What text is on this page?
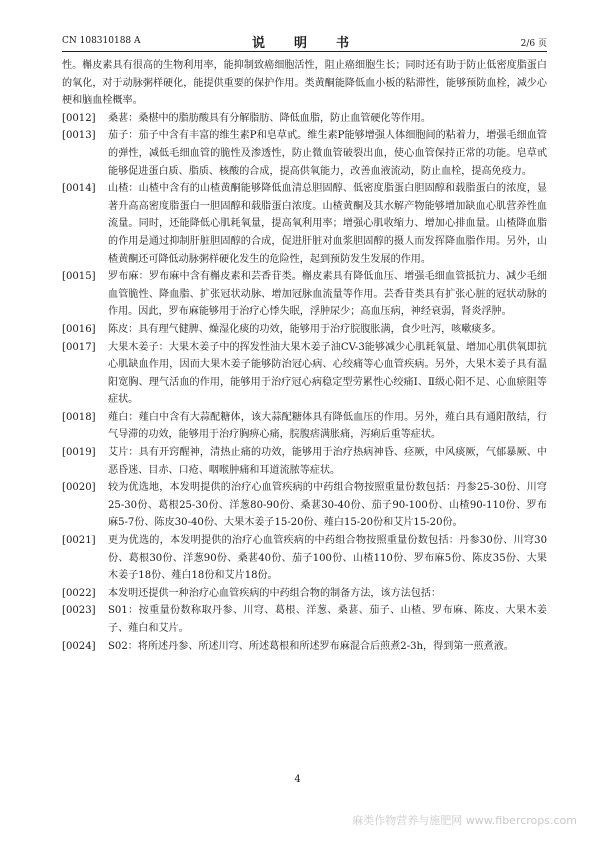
CN 108310188 A	说　明　书	2/6 页

性。槲皮素具有很高的生物利用率，能抑制致癌细胞活性，阻止癌细胞生长；同时还有助于防止低密度脂蛋白的氧化，对于动脉粥样硬化，能提供重要的保护作用。类黄酮能降低血小板的粘滞性，能够预防血栓，减少心梗和脑血栓概率。

[0012]	桑葚：桑椹中的脂肪酸具有分解脂肪、降低血脂，防止血管硬化等作用。
[0013]	茄子：茄子中含有丰富的维生素P和皂草甙。维生素P能够增强人体细胞间的粘着力，增强毛细血管的弹性，减低毛细血管的脆性及渗透性，防止微血管破裂出血，使心血管保持正常的功能。皂草甙能够促进蛋白质、脂质、核酸的合成，提高供氧能力，改善血液流动，防止血栓，提高免疫力。
[0014]	山楂：山楂中含有的山楂黄酮能够降低血清总胆固醇、低密度脂蛋白胆固醇和载脂蛋白的浓度，显著升高高密度脂蛋白一胆固醇和载脂蛋白浓度。山楂黄酮及其水解产物能够增加缺血心肌营养性血流量。同时，还能降低心肌耗氧量，提高氧利用率；增强心肌收缩力、增加心排血量。山楂降血脂的作用是通过抑制肝脏胆固醇的合成，促进肝脏对血浆胆固醇的摄人而发挥降血脂作用。另外，山楂黄酮还可降低动脉粥样硬化发生的危险性，起到预防发生发展的作用。
[0015]	罗布麻：罗布麻中含有槲皮素和芸香苷类。槲皮素具有降低血压、增强毛细血管抵抗力、减少毛细血管脆性、降血脂、扩张冠状动脉、增加冠脉血流量等作用。芸香苷类具有扩张心脏的冠状动脉的作用。因此，罗布麻能够用于治疗心悸失眠，浮肿尿少；高血压病，神经衰弱，肾炎浮肿。
[0016]	陈皮：具有理气健脾、燥湿化痰的功效，能够用于治疗脘腹胀满，食少吐泻，咳嗽痰多。
[0017]	大果木姜子：大果木姜子中的挥发性油大果木姜子油CV-3能够减少心肌耗氧量、增加心肌供氧即抗心肌缺血作用，因而大果木姜子能够防治冠心病、心绞痛等心血管疾病。另外，大果木姜子具有温阳宽胸、理气活血的作用，能够用于治疗冠心病稳定型劳累性心绞痛Ⅰ、Ⅱ级心阳不足、心血瘀阻等症状。
[0018]	薤白：薤白中含有大蒜配糖体，该大蒜配糖体具有降低血压的作用。另外，薤白具有通阳散结，行气导滞的功效，能够用于治疗胸痹心痛，脘腹痞满胀痛，泻痢后重等症状。
[0019]	艾片：具有开窍醒神，清热止痛的功效，能够用于治疗热病神昏、痉厥，中风痰厥，气郁暴厥、中恶昏迷、目赤、口疮、咽喉肿痛和耳道流脓等症状。
[0020]	较为优选地，本发明提供的治疗心血管疾病的中药组合物按照重量份数包括：丹参25-30份、川穹25-30份、葛根25-30份、洋葱80-90份、桑葚30-40份、茄子90-100份、山楂90-110份、罗布麻5-7份、陈皮30-40份、大果木姜子15-20份、薤白15-20份和艾片15-20份。
[0021]	更为优选的，本发明提供的治疗心血管疾病的中药组合物按照重量份数包括：丹参30份、川穹30份、葛根30份、洋葱90份、桑葚40份、茄子100份、山楂110份、罗布麻5份、陈皮35份、大果木姜子18份、薤白18份和艾片18份。
[0022]	本发明还提供一种治疗心血管疾病的中药组合物的制备方法，该方法包括：
[0023]	S01：按重量份数称取丹参、川穹、葛根、洋葱、桑葚、茄子、山楂、罗布麻、陈皮、大果木姜子、薤白和艾片。
[0024]	S02：将所述丹参、所述川穹、所述葛根和所述罗布麻混合后煎煮2-3h，得到第一煎煮液。
4
麻类作物营养与施肥网 www.fibercrops.com
